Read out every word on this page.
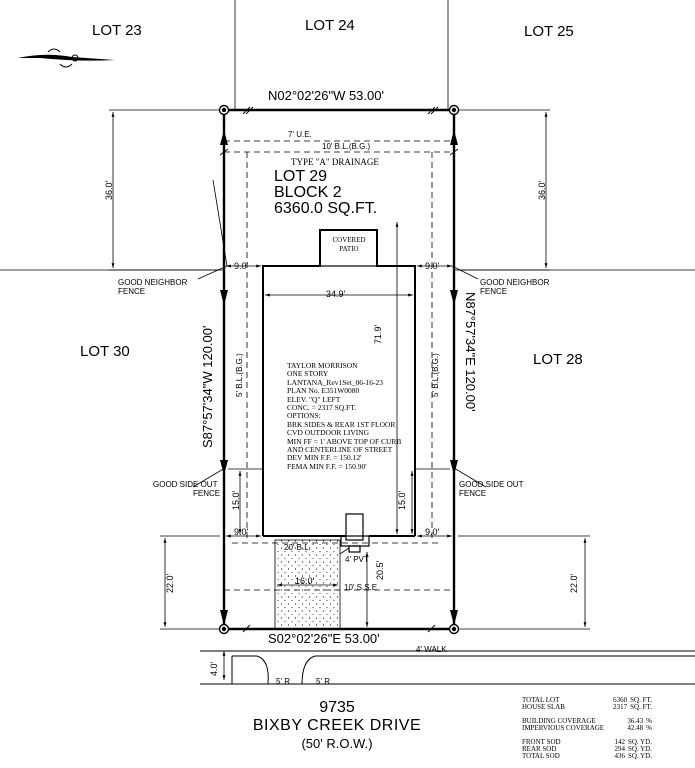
LOT 23	LOT 24	LOT 25
LOT 30	LOT 28
N02°02'26"W 53.00'
S02°02'26"E 53.00'
S87°57'34"W 120.00'	N87°57'34"E 120.00'
TYPE "A" DRAINAGE
LOT 29
BLOCK 2
6360.0 SQ.FT.
7' U.E.
10' B.L.(B.G.)
5' B.L.(B.G.)	5' B.L.(B.G.)
20' B.L.
10' S.S.E
COVERED
PATIO
36.0'	36.0'
9.0'	9.0'
34.9'
71.9'
15.0'	15.0'
9.0'	9.0'
22.0'	22.0'
16.0'
20.5'
4' PVT
4' WALK
4.0'
5' R	5' R
GOOD NEIGHBOR
FENCE
GOOD NEIGHBOR
FENCE
GOOD SIDE OUT
FENCE
GOOD SIDE OUT
FENCE
TAYLOR MORRISON
ONE STORY
LANTANA_Rev1Set_06-16-23
PLAN No. E351W0080
ELEV. "Q" LEFT
CONC. = 2317 SQ.FT.
OPTIONS:
BRK SIDES & REAR 1ST FLOOR
CVD OUTDOOR LIVING
MIN FF = 1' ABOVE TOP OF CURB
AND CENTERLINE OF STREET
DEV MIN F.F. = 150.12'
FEMA MIN F.F. = 150.90'
9735
BIXBY CREEK DRIVE
(50' R.O.W.)
TOTAL LOT	6360 SQ. FT.
HOUSE SLAB	2317 SQ. FT.
BUILDING COVERAGE	36.43 %
IMPERVIOUS COVERAGE	42.48 %
FRONT SOD	142 SQ. YD.
REAR SOD	294 SQ. YD.
TOTAL SOD	436 SQ. YD.
